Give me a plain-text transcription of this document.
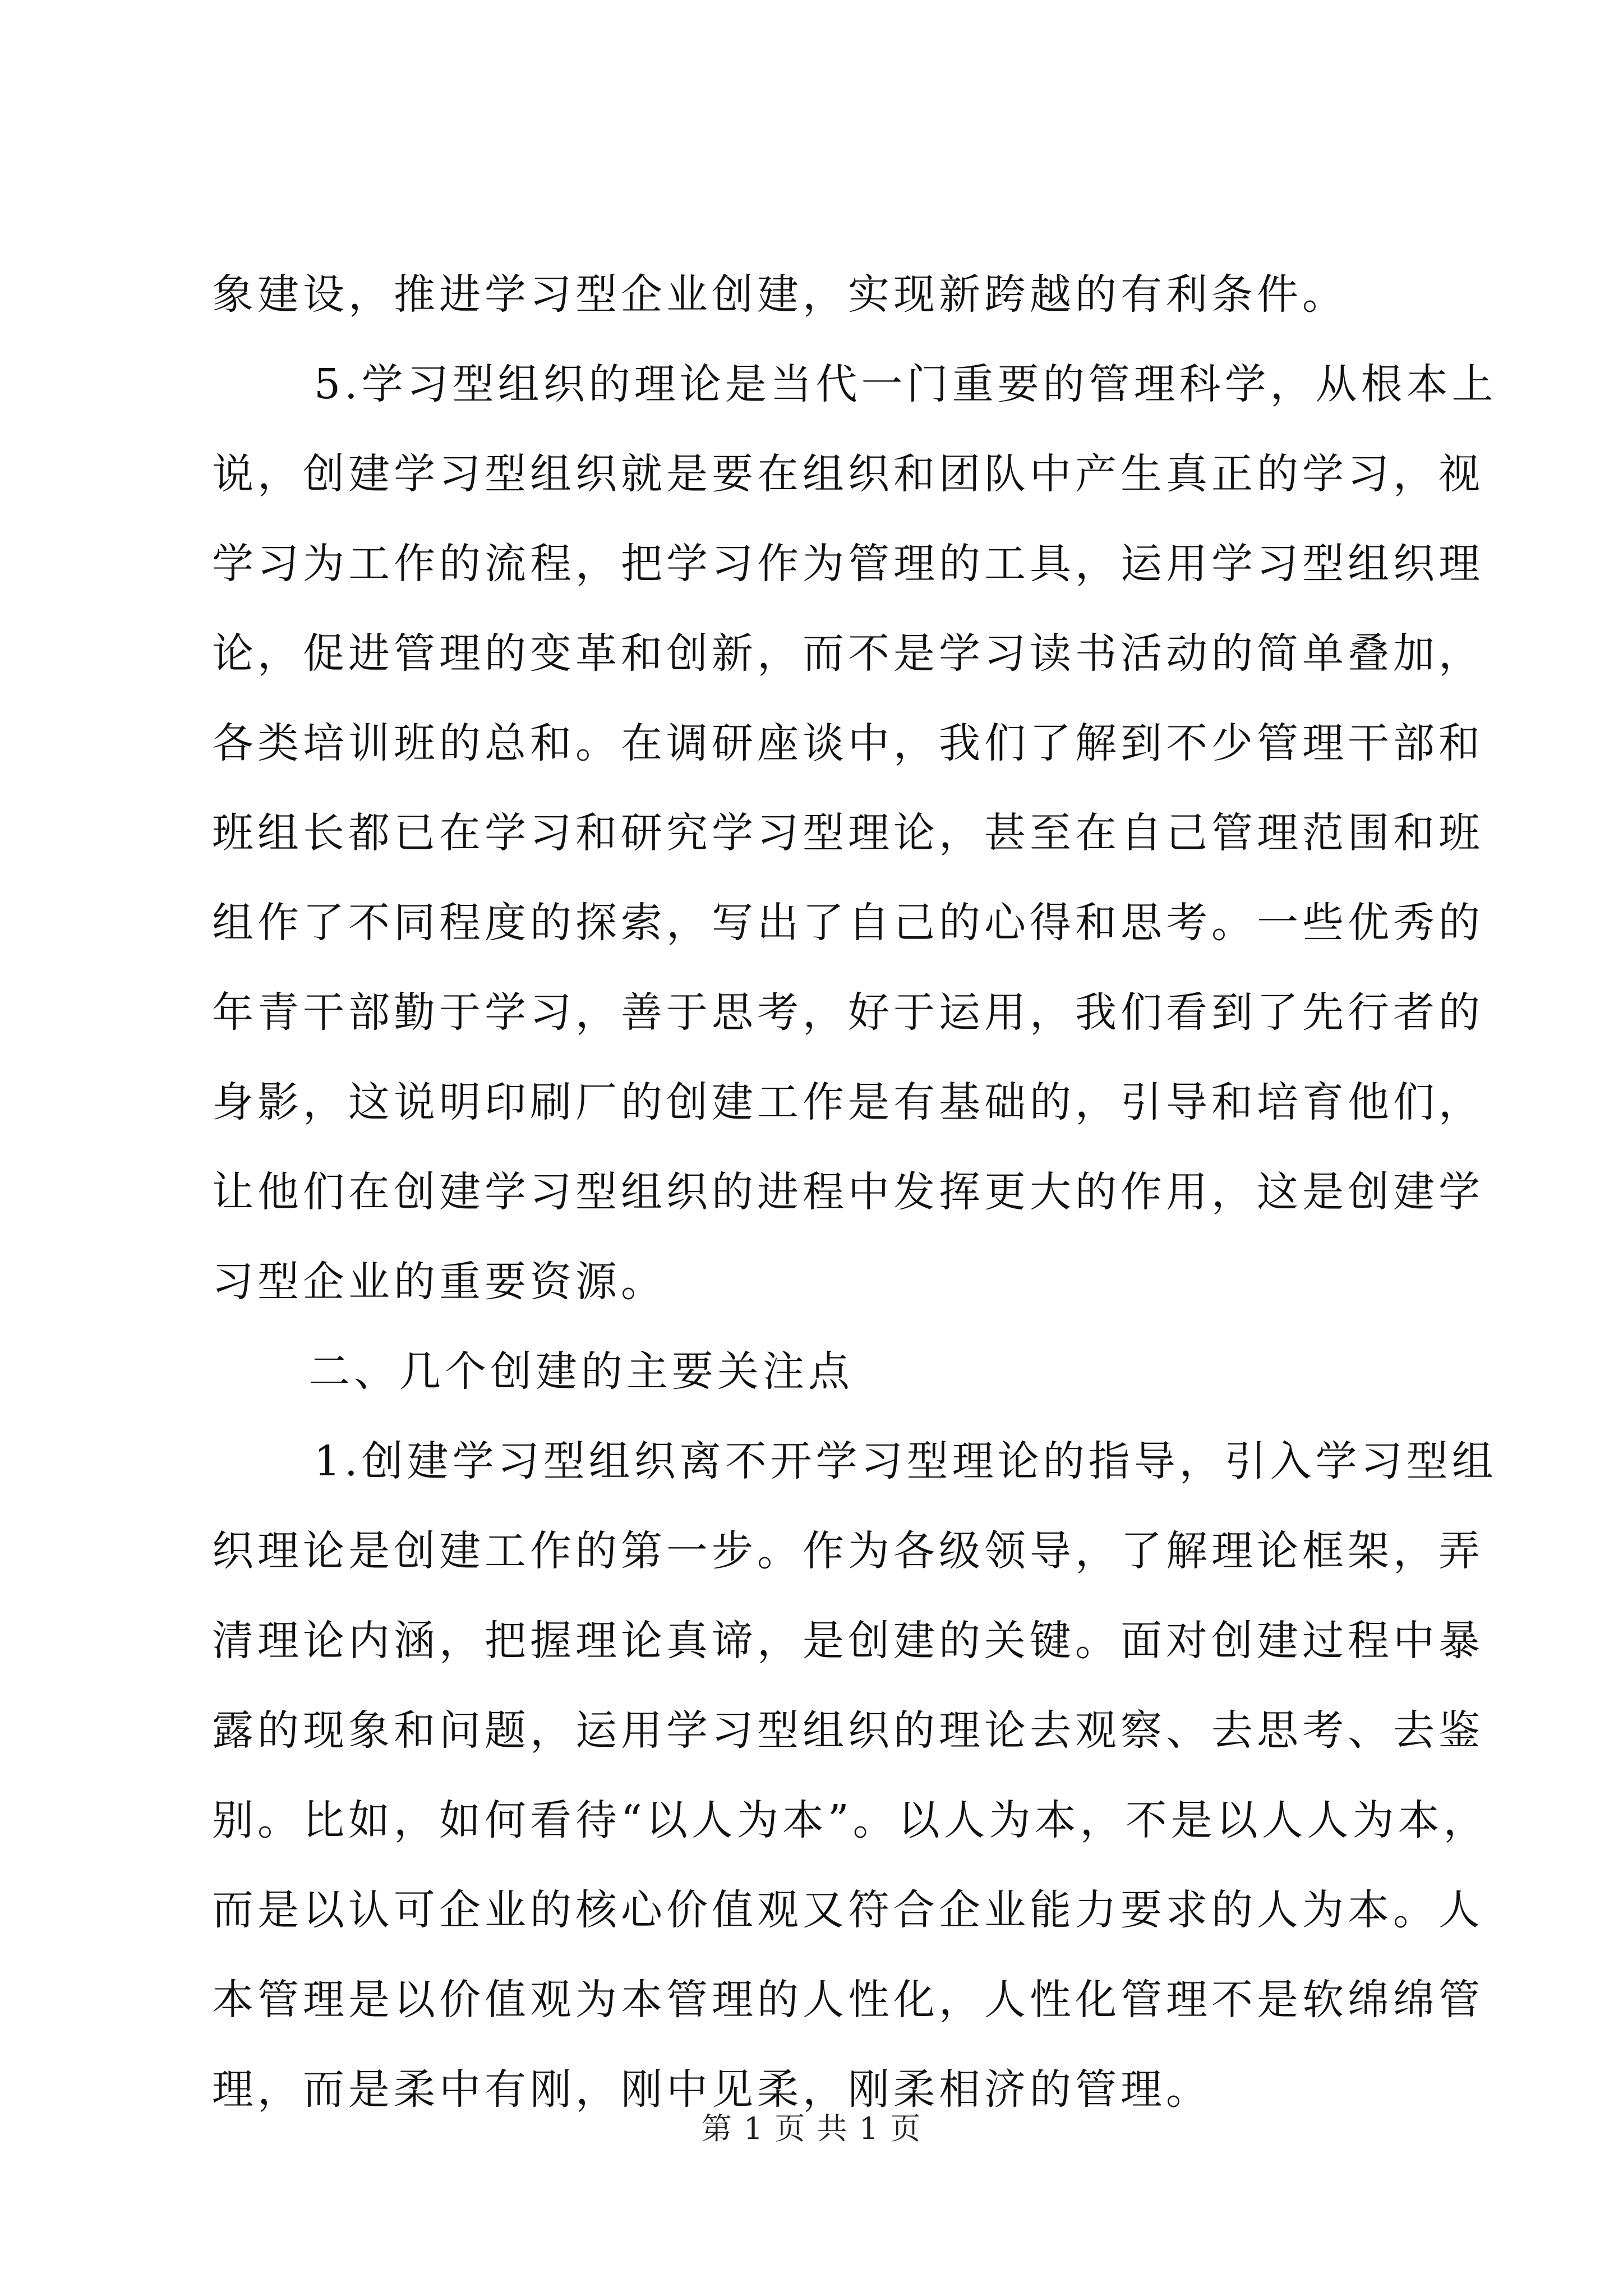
象建设，推进学习型企业创建，实现新跨越的有利条件。
5.学习型组织的理论是当代一门重要的管理科学，从根本上
说，创建学习型组织就是要在组织和团队中产生真正的学习，视
学习为工作的流程，把学习作为管理的工具，运用学习型组织理
论，促进管理的变革和创新，而不是学习读书活动的简单叠加，
各类培训班的总和。在调研座谈中，我们了解到不少管理干部和
班组长都已在学习和研究学习型理论，甚至在自己管理范围和班
组作了不同程度的探索，写出了自己的心得和思考。一些优秀的
年青干部勤于学习，善于思考，好于运用，我们看到了先行者的
身影，这说明印刷厂的创建工作是有基础的，引导和培育他们，
让他们在创建学习型组织的进程中发挥更大的作用，这是创建学
习型企业的重要资源。
二、几个创建的主要关注点
1.创建学习型组织离不开学习型理论的指导，引入学习型组
织理论是创建工作的第一步。作为各级领导，了解理论框架，弄
清理论内涵，把握理论真谛，是创建的关键。面对创建过程中暴
露的现象和问题，运用学习型组织的理论去观察、去思考、去鉴
别。比如，如何看待“以人为本”。以人为本，不是以人人为本，
而是以认可企业的核心价值观又符合企业能力要求的人为本。人
本管理是以价值观为本管理的人性化，人性化管理不是软绵绵管
理，而是柔中有刚，刚中见柔，刚柔相济的管理。
第 1 页 共 1 页
